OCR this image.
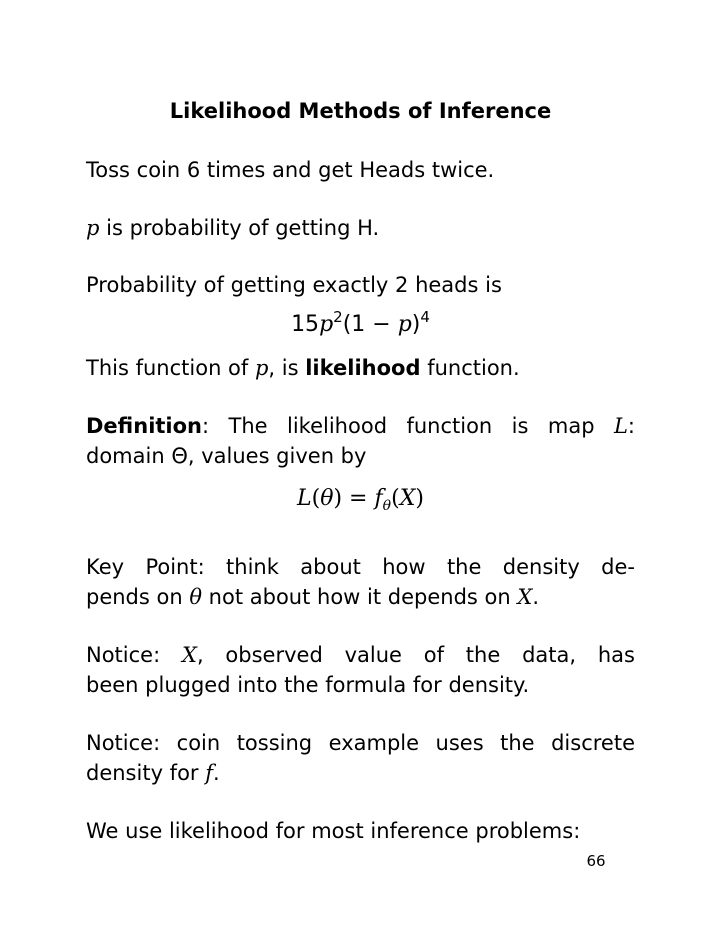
Likelihood Methods of Inference
Toss coin 6 times and get Heads twice.
p is probability of getting H.
Probability of getting exactly 2 heads is
$15p^2(1 - p)^4$
This function of p, is likelihood function.
Definition: The likelihood function is map L:
domain Θ, values given by
$L(\theta) = f_\theta(X)$
Key Point: think about how the density de-
pends on θ not about how it depends on X.
Notice: X, observed value of the data, has
been plugged into the formula for density.
Notice: coin tossing example uses the discrete
density for f.
We use likelihood for most inference problems:
66
